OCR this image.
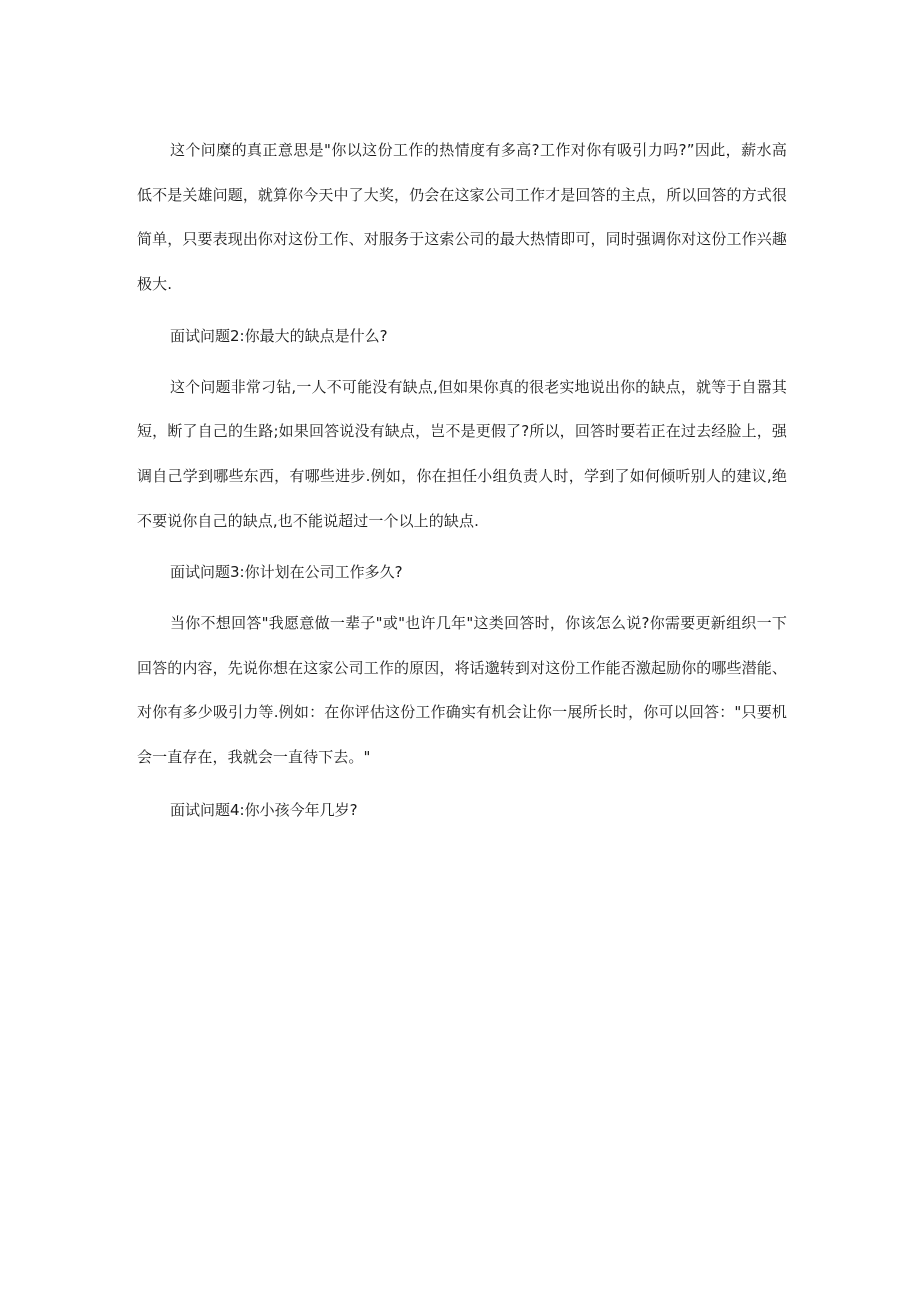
这个问糜的真正意思是"你以这份工作的热情度有多高?工作对你有吸引力吗?”因此，薪水高低不是关雄问题，就算你今天中了大奖，仍会在这家公司工作才是回答的主点，所以回答的方式很简单，只要表现出你对这份工作、对服务于这索公司的最大热情即可，同时强调你对这份工作兴趣极大.

面试问题2:你最大的缺点是什么?

这个问题非常刁钻,一人不可能没有缺点,但如果你真的很老实地说出你的缺点，就等于自嚣其短，断了自己的生路;如果回答说没有缺点，岂不是更假了?所以，回答时要若正在过去经脸上，强调自己学到哪些东西，有哪些进步.例如，你在担任小组负责人时，学到了如何倾听别人的建议,绝不要说你自己的缺点,也不能说超过一个以上的缺点.

面试问题3:你计划在公司工作多久?

当你不想回答"我愿意做一辈子"或"也许几年"这类回答时，你该怎么说?你需要更新组织一下回答的内容，先说你想在这家公司工作的原因，将话邈转到对这份工作能否激起励你的哪些潜能、对你有多少吸引力等.例如：在你评估这份工作确实有机会让你一展所长时，你可以回答："只要机会一直存在，我就会一直待下去。"

面试问题4:你小孩今年几岁?
